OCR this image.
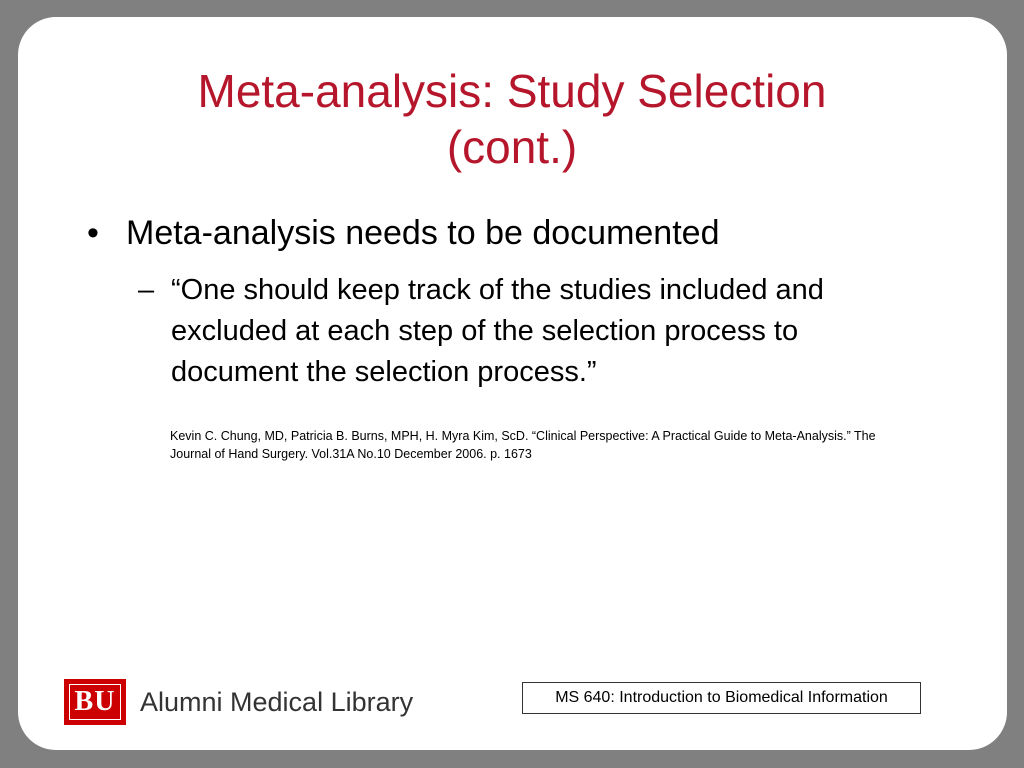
Meta-analysis: Study Selection
(cont.)
• Meta-analysis needs to be documented
– “One should keep track of the studies included and excluded at each step of the selection process to document the selection process.”
Kevin C. Chung, MD, Patricia B. Burns, MPH, H. Myra Kim, ScD. “Clinical Perspective: A Practical Guide to Meta-Analysis.” The Journal of Hand Surgery. Vol.31A No.10 December 2006. p. 1673
BU Alumni Medical Library	MS 640: Introduction to Biomedical Information
